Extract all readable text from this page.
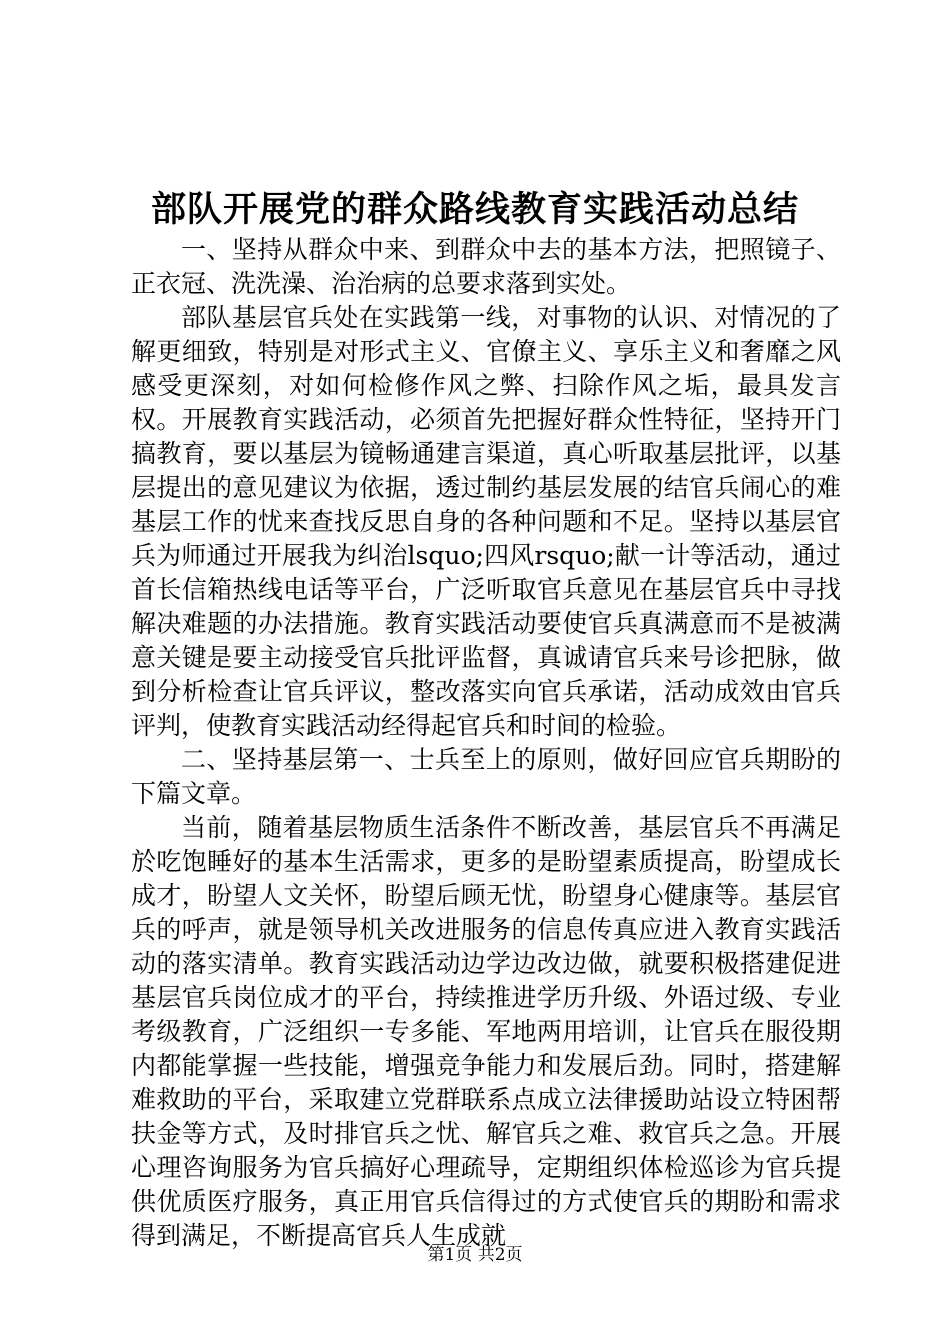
部队开展党的群众路线教育实践活动总结

一、坚持从群众中来、到群众中去的基本方法，把照镜子、正衣冠、洗洗澡、治治病的总要求落到实处。

部队基层官兵处在实践第一线，对事物的认识、对情况的了解更细致，特别是对形式主义、官僚主义、享乐主义和奢靡之风感受更深刻，对如何检修作风之弊、扫除作风之垢，最具发言权。开展教育实践活动，必须首先把握好群众性特征，坚持开门搞教育，要以基层为镜畅通建言渠道，真心听取基层批评，以基层提出的意见建议为依据，透过制约基层发展的结官兵闹心的难基层工作的忧来查找反思自身的各种问题和不足。坚持以基层官兵为师通过开展我为纠治lsquo;四风rsquo;献一计等活动，通过首长信箱热线电话等平台，广泛听取官兵意见在基层官兵中寻找解决难题的办法措施。教育实践活动要使官兵真满意而不是被满意关键是要主动接受官兵批评监督，真诚请官兵来号诊把脉，做到分析检查让官兵评议，整改落实向官兵承诺，活动成效由官兵评判，使教育实践活动经得起官兵和时间的检验。

二、坚持基层第一、士兵至上的原则，做好回应官兵期盼的下篇文章。

当前，随着基层物质生活条件不断改善，基层官兵不再满足於吃饱睡好的基本生活需求，更多的是盼望素质提高，盼望成长成才，盼望人文关怀，盼望后顾无忧，盼望身心健康等。基层官兵的呼声，就是领导机关改进服务的信息传真应进入教育实践活动的落实清单。教育实践活动边学边改边做，就要积极搭建促进基层官兵岗位成才的平台，持续推进学历升级、外语过级、专业考级教育，广泛组织一专多能、军地两用培训，让官兵在服役期内都能掌握一些技能，增强竞争能力和发展后劲。同时，搭建解难救助的平台，采取建立党群联系点成立法律援助站设立特困帮扶金等方式，及时排官兵之忧、解官兵之难、救官兵之急。开展心理咨询服务为官兵搞好心理疏导，定期组织体检巡诊为官兵提供优质医疗服务，真正用官兵信得过的方式使官兵的期盼和需求得到满足，不断提高官兵人生成就

第1页 共2页
